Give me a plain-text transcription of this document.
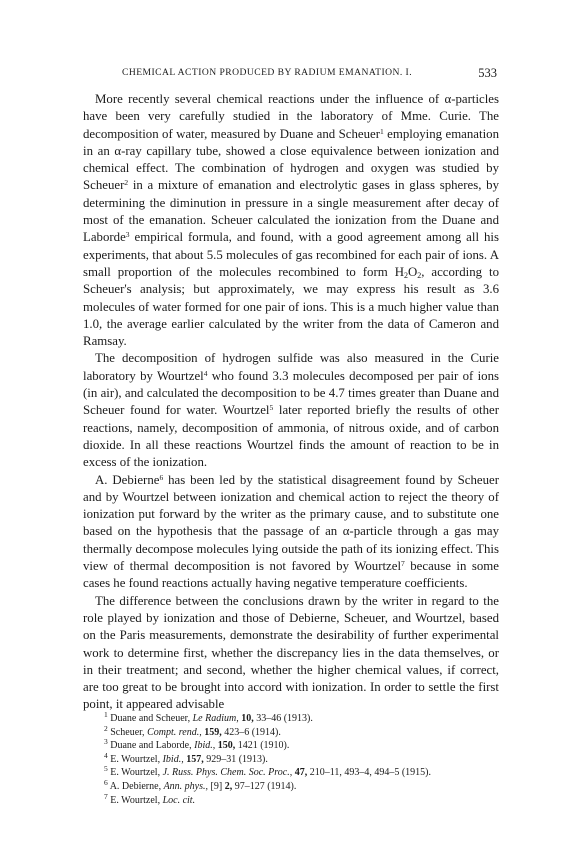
CHEMICAL ACTION PRODUCED BY RADIUM EMANATION. I.	533

More recently several chemical reactions under the influence of α-particles have been very carefully studied in the laboratory of Mme. Curie. The decomposition of water, measured by Duane and Scheuer$^1$ employing emanation in an α-ray capillary tube, showed a close equivalence between ionization and chemical effect. The combination of hydrogen and oxygen was studied by Scheuer$^2$ in a mixture of emanation and electrolytic gases in glass spheres, by determining the diminution in pressure in a single measurement after decay of most of the emanation. Scheuer calculated the ionization from the Duane and Laborde$^3$ empirical formula, and found, with a good agreement among all his experiments, that about 5.5 molecules of gas recombined for each pair of ions. A small proportion of the molecules recombined to form $H_2O_2$, according to Scheuer's analysis; but approximately, we may express his result as 3.6 molecules of water formed for one pair of ions. This is a much higher value than 1.0, the average earlier calculated by the writer from the data of Cameron and Ramsay.

The decomposition of hydrogen sulfide was also measured in the Curie laboratory by Wourtzel$^4$ who found 3.3 molecules decomposed per pair of ions (in air), and calculated the decomposition to be 4.7 times greater than Duane and Scheuer found for water. Wourtzel$^5$ later reported briefly the results of other reactions, namely, decomposition of ammonia, of nitrous oxide, and of carbon dioxide. In all these reactions Wourtzel finds the amount of reaction to be in excess of the ionization.

A. Debierne$^6$ has been led by the statistical disagreement found by Scheuer and by Wourtzel between ionization and chemical action to reject the theory of ionization put forward by the writer as the primary cause, and to substitute one based on the hypothesis that the passage of an α-particle through a gas may thermally decompose molecules lying outside the path of its ionizing effect. This view of thermal decomposition is not favored by Wourtzel$^7$ because in some cases he found reactions actually having negative temperature coefficients.

The difference between the conclusions drawn by the writer in regard to the role played by ionization and those of Debierne, Scheuer, and Wourtzel, based on the Paris measurements, demonstrate the desirability of further experimental work to determine first, whether the discrepancy lies in the data themselves, or in their treatment; and second, whether the higher chemical values, if correct, are too great to be brought into accord with ionization. In order to settle the first point, it appeared advisable

$^1$ Duane and Scheuer, Le Radium, 10, 33–46 (1913).

$^2$ Scheuer, Compt. rend., 159, 423–6 (1914).

$^3$ Duane and Laborde, Ibid., 150, 1421 (1910).

$^4$ E. Wourtzel, Ibid., 157, 929–31 (1913).

$^5$ E. Wourtzel, J. Russ. Phys. Chem. Soc. Proc., 47, 210–11, 493–4, 494–5 (1915).

$^6$ A. Debierne, Ann. phys., [9] 2, 97–127 (1914).

$^7$ E. Wourtzel, Loc. cit.
